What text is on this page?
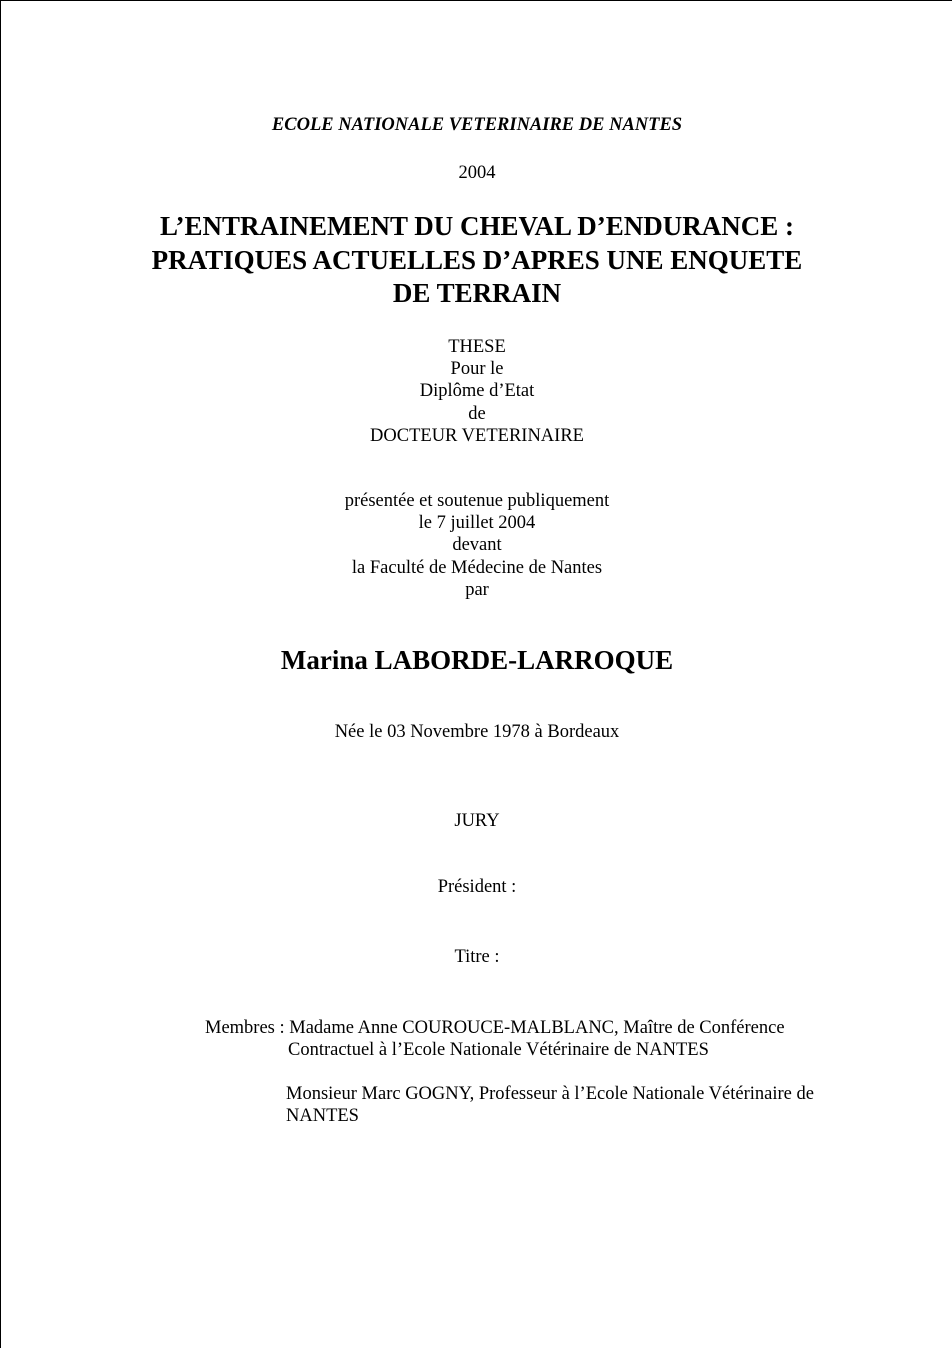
ECOLE NATIONALE VETERINAIRE DE NANTES
2004
L’ENTRAINEMENT DU CHEVAL D’ENDURANCE :
PRATIQUES ACTUELLES D’APRES UNE ENQUETE
DE TERRAIN
THESE
Pour le
Diplôme d’Etat
de
DOCTEUR VETERINAIRE
présentée et soutenue publiquement
le 7 juillet 2004
devant
la Faculté de Médecine de Nantes
par
Marina LABORDE-LARROQUE
Née le 03 Novembre 1978 à Bordeaux
JURY
Président :
Titre :
Membres : Madame Anne COUROUCE-MALBLANC, Maître de Conférence
Contractuel à l’Ecole Nationale Vétérinaire de NANTES
Monsieur Marc GOGNY, Professeur à l’Ecole Nationale Vétérinaire de
NANTES
